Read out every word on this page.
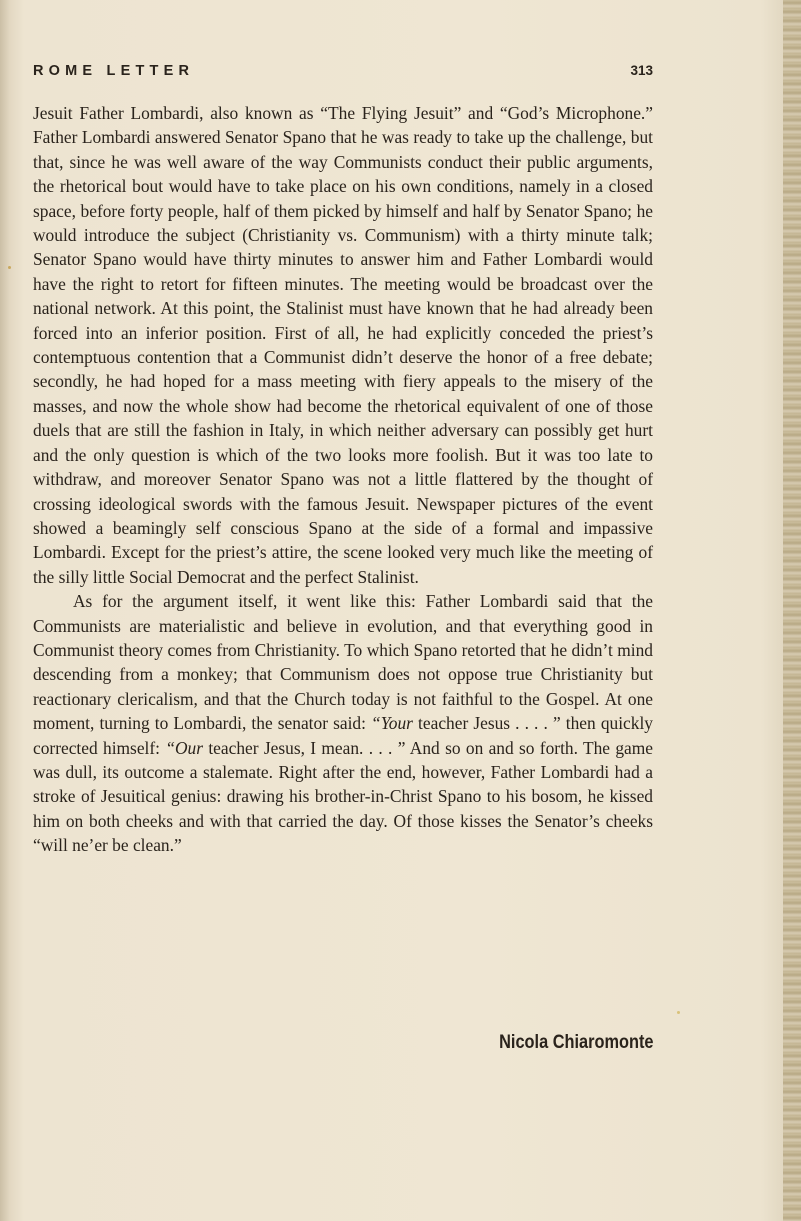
ROME LETTER	313

Jesuit Father Lombardi, also known as “The Flying Jesuit” and “God’s Microphone.” Father Lombardi answered Senator Spano that he was ready to take up the challenge, but that, since he was well aware of the way Communists conduct their public arguments, the rhetorical bout would have to take place on his own conditions, namely in a closed space, before forty people, half of them picked by himself and half by Senator Spano; he would introduce the subject (Christianity vs. Communism) with a thirty minute talk; Senator Spano would have thirty minutes to answer him and Father Lombardi would have the right to retort for fifteen minutes. The meeting would be broadcast over the national network. At this point, the Stalinist must have known that he had already been forced into an inferior position. First of all, he had explicitly conceded the priest’s contemptuous contention that a Communist didn’t deserve the honor of a free debate; secondly, he had hoped for a mass meeting with fiery appeals to the misery of the masses, and now the whole show had become the rhetorical equivalent of one of those duels that are still the fashion in Italy, in which neither adversary can possibly get hurt and the only question is which of the two looks more foolish. But it was too late to withdraw, and moreover Senator Spano was not a little flattered by the thought of crossing ideological swords with the famous Jesuit. Newspaper pictures of the event showed a beamingly self conscious Spano at the side of a formal and impassive Lombardi. Except for the priest’s attire, the scene looked very much like the meeting of the silly little Social Democrat and the perfect Stalinist.

As for the argument itself, it went like this: Father Lombardi said that the Communists are materialistic and believe in evolution, and that everything good in Communist theory comes from Christianity. To which Spano retorted that he didn’t mind descending from a monkey; that Communism does not oppose true Christianity but reactionary clericalism, and that the Church today is not faithful to the Gospel. At one moment, turning to Lombardi, the senator said: “Your teacher Jesus . . . . ” then quickly corrected himself: “Our teacher Jesus, I mean. . . . ” And so on and so forth. The game was dull, its outcome a stalemate. Right after the end, however, Father Lombardi had a stroke of Jesuitical genius: drawing his brother-in-Christ Spano to his bosom, he kissed him on both cheeks and with that carried the day. Of those kisses the Senator’s cheeks “will ne’er be clean.”

Nicola Chiaromonte
